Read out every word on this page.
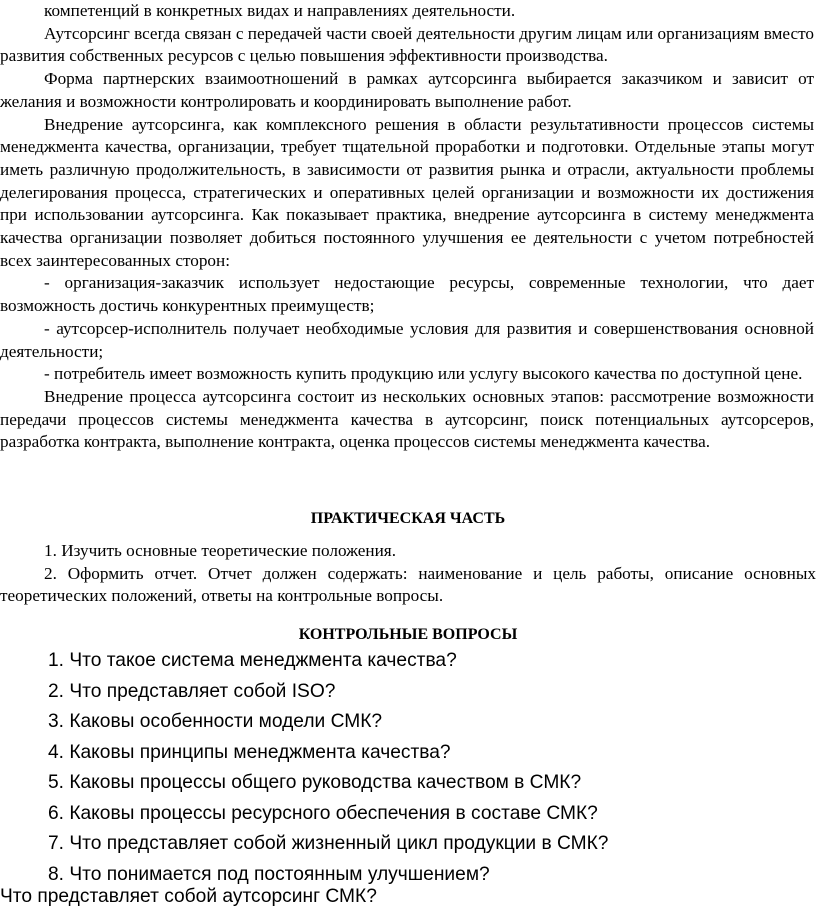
компетенций в конкретных видах и направлениях деятельности.

Аутсорсинг всегда связан с передачей части своей деятельности другим лицам или организациям вместо развития собственных ресурсов с целью повышения эффективности производства.

Форма партнерских взаимоотношений в рамках аутсорсинга выбирается заказчиком и зависит от желания и возможности контролировать и координировать выполнение работ.

Внедрение аутсорсинга, как комплексного решения в области результативности процессов системы менеджмента качества, организации, требует тщательной проработки и подготовки. Отдельные этапы могут иметь различную продолжительность, в зависимости от развития рынка и отрасли, актуальности проблемы делегирования процесса, стратегических и оперативных целей организации и возможности их достижения при использовании аутсорсинга. Как показывает практика, внедрение аутсорсинга в систему менеджмента качества организации позволяет добиться постоянного улучшения ее деятельности с учетом потребностей всех заинтересованных сторон:

- организация-заказчик использует недостающие ресурсы, современные технологии, что дает возможность достичь конкурентных преимуществ;

- аутсорсер-исполнитель получает необходимые условия для развития и совершенствования основной деятельности;

- потребитель имеет возможность купить продукцию или услугу высокого качества по доступной цене.

Внедрение процесса аутсорсинга состоит из нескольких основных этапов: рассмотрение возможности передачи процессов системы менеджмента качества в аутсорсинг, поиск потенциальных аутсорсеров, разработка контракта, выполнение контракта, оценка процессов системы менеджмента качества.

ПРАКТИЧЕСКАЯ ЧАСТЬ

1. Изучить основные теоретические положения.

2. Оформить отчет. Отчет должен содержать: наименование и цель работы, описание основных теоретических положений, ответы на контрольные вопросы.

КОНТРОЛЬНЫЕ ВОПРОСЫ

1. Что такое система менеджмента качества?

2. Что представляет собой ISO?

3. Каковы особенности модели СМК?

4. Каковы принципы менеджмента качества?

5. Каковы процессы общего руководства качеством в СМК?

6. Каковы процессы ресурсного обеспечения в составе СМК?

7. Что представляет собой жизненный цикл продукции в СМК?

8. Что понимается под постоянным улучшением?

Что представляет собой аутсорсинг СМК?
